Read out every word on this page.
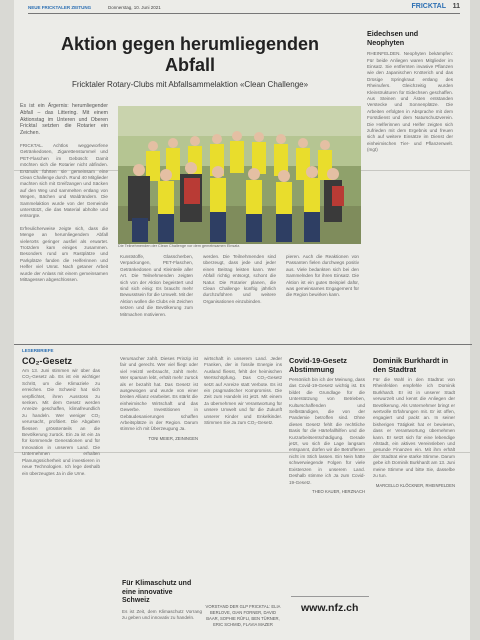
NEUE FRICKTALER ZEITUNG	Donnerstag, 10. Juni 2021	FRICKTAL 11
Aktion gegen herumliegenden Abfall
Fricktaler Rotary-Clubs mit Abfallsammelaktion «Clean Challenge»
Es ist ein Ärgernis: herumliegender Abfall – das Littering. Mit einem Aktionstag im Unteren und Oberen Fricktal setzten die Rotarier ein Zeichen.
FRICKTAL. Achtlos weggeworfene Getränkedosen, Zigarettenstummel und PET-Flaschen im Gebüsch: Damit möchten sich die Rotarier nicht abfinden. Erstmals führten sie gemeinsam eine Clean Challenge durch. Rund 40 Mitglieder machten sich mit Greifzangen und Säcken auf den Weg und sammelten entlang von Wegen, Bächen und Waldrändern. Die Sammelaktion wurde von der Gemeinde unterstützt, die das Material abholte und entsorgte.
Erfreulicherweise zeigte sich, dass die Menge an herumliegendem Abfall vielerorts geringer ausfiel als erwartet. Trotzdem kam einiges zusammen. Besonders rund um Rastplätze und Parkplätze fanden die Helferinnen und Helfer viel Unrat. Nach getaner Arbeit wurde der Anlass mit einem gemeinsamen Mittagessen abgeschlossen.
Die Teilnehmenden der Clean Challenge vor dem gemeinsamen Einsatz.
Kunststoffe, Glasscherben, Verpackungen, PET-Flaschen, Getränkedosen und Kleinteile aller Art. Die Teilnehmenden zeigten sich von der Aktion begeistert und sind sich einig: Es braucht mehr Bewusstsein für die Umwelt. Mit der Aktion wollen die Clubs ein Zeichen setzen und die Bevölkerung zum Mitmachen motivieren.
werden. Die Teilnehmenden sind überzeugt, dass jede und jeder einen Beitrag leisten kann. Wer Abfall richtig entsorgt, schont die Natur. Die Rotarier planen, die Clean Challenge künftig jährlich durchzuführen und weitere Organisationen einzubinden.
pieren. Auch die Reaktionen von Passanten fielen durchwegs positiv aus. Viele bedankten sich bei den Sammelnden für ihren Einsatz. Die Aktion ist ein gutes Beispiel dafür, was gemeinsames Engagement für die Region bewirken kann.
Eidechsen und Neophyten
RHEINFELDEN. Neophyten bekämpfen: Für beide Anliegen waren Mitglieder im Einsatz. Sie entfernten invasive Pflanzen wie den Japanischen Knöterich und das Drüsige Springkraut entlang des Rheinufers. Gleichzeitig wurden Kleinstrukturen für Eidechsen geschaffen. Aus Steinen und Ästen entstanden Verstecke und Sonnenplätze. Die Arbeiten erfolgten in Absprache mit dem Forstdienst und dem Naturschutzverein. Die Helferinnen und Helfer zeigten sich zufrieden mit dem Ergebnis und freuen sich auf weitere Einsätze im Dienst der einheimischen Tier- und Pflanzenwelt. (mgt)
LESERBRIEFE
CO₂-Gesetz
Am 13. Juni stimmen wir über das CO₂-Gesetz ab. Es ist ein wichtiger Schritt, um die Klimaziele zu erreichen. Die Schweiz hat sich verpflichtet, ihren Ausstoss zu senken. Mit dem Gesetz werden Anreize geschaffen, klimafreundlich zu handeln. Wer weniger CO₂ verursacht, profitiert. Die Abgaben fliessen grösstenteils an die Bevölkerung zurück. Ein Ja ist ein Ja für kommende Generationen und für Innovation in unserem Land. Die Unternehmen erhalten Planungssicherheit und investieren in neue Technologien. Ich lege deshalb ein überzeugtes Ja in die Urne.
Verursacher zahlt. Dieses Prinzip ist fair und gerecht. Wer viel fliegt oder viel Heizöl verbraucht, zahlt mehr. Wer sparsam lebt, erhält mehr zurück als er bezahlt hat. Das Gesetz ist ausgewogen und wurde von einer breiten Allianz erarbeitet. Es stärkt die einheimische Wirtschaft und das Gewerbe. Investitionen in Gebäudesanierungen schaffen Arbeitsplätze in der Region. Darum stimme ich mit Überzeugung Ja.
TONI MEIER, ZEININGEN
wirtschaft in unserem Land. Jeder Franken, der in fossile Energie ins Ausland fliesst, fehlt der heimischen Wertschöpfung. Das CO₂-Gesetz setzt auf Anreize statt Verbote. Es ist ein pragmatischer Kompromiss. Die Zeit zum Handeln ist jetzt. Mit einem Ja übernehmen wir Verantwortung für unsere Umwelt und für die Zukunft unserer Kinder und Enkelkinder. Stimmen Sie Ja zum CO₂-Gesetz.
Für Klimaschutz und eine innovative Schweiz
Es ist Zeit, dem Klimaschutz Vorrang zu geben und innovativ zu handeln.
VORSTAND DER GLP FRICKTAL: ELIA BERLOVE, GIAN FORNER, DAVID BAAR, SOPHIE RÜFLI, BEN TÜRNER, ERIC SCHMID, FLAVIA MAZER
Covid-19-Gesetz Abstimmung
Persönlich bin ich der Meinung, dass das Covid-19-Gesetz wichtig ist. Es bildet die Grundlage für die Unterstützung von Betrieben, Kulturschaffenden und Selbständigen, die von der Pandemie betroffen sind. Ohne dieses Gesetz fehlt die rechtliche Basis für die Härtefallhilfen und die Kurzarbeitsentschädigung. Gerade jetzt, wo sich die Lage langsam entspannt, dürfen wir die Betroffenen nicht im Stich lassen. Ein Nein hätte schwerwiegende Folgen für viele Existenzen in unserem Land. Deshalb stimme ich Ja zum Covid-19-Gesetz.
THEO KAUER, HERZNACH
Dominik Burkhardt in den Stadtrat
Für die Wahl in den Stadtrat von Rheinfelden empfehle ich Dominik Burkhardt. Er ist in unserer Stadt verwurzelt und kennt die Anliegen der Bevölkerung. Als Unternehmer bringt er wertvolle Erfahrungen mit. Er ist offen, engagiert und packt an. In seiner bisherigen Tätigkeit hat er bewiesen, dass er Verantwortung übernehmen kann. Er setzt sich für eine lebendige Altstadt, ein aktives Vereinsleben und gesunde Finanzen ein. Mit ihm erhält der Stadtrat eine starke Stimme. Darum gebe ich Dominik Burkhardt am 13. Juni meine Stimme und bitte Sie, dasselbe zu tun.
MARCELLO KLÖCKNER, RHEINFELDEN
www.nfz.ch
